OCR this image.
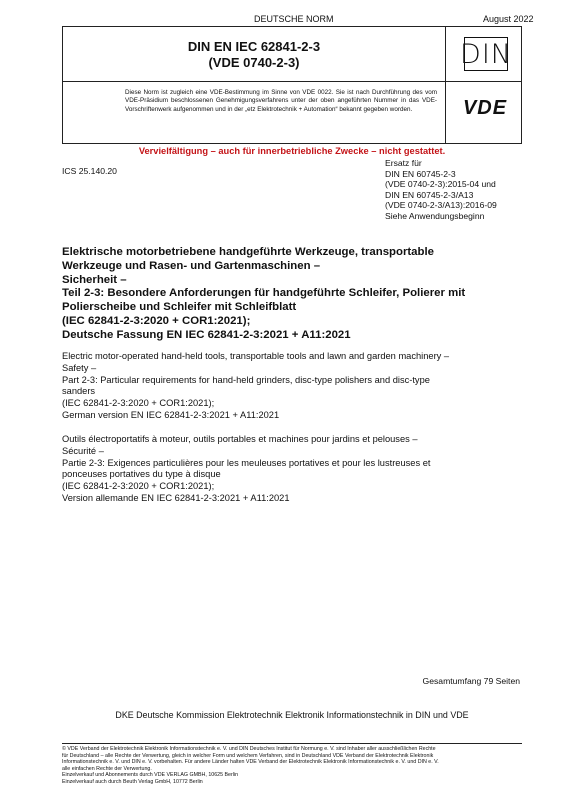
DEUTSCHE NORM	August 2022
DIN EN IEC 62841-2-3
(VDE 0740-2-3)	DIN
Diese Norm ist zugleich eine VDE-Bestimmung im Sinne von VDE 0022. Sie ist nach Durchführung des vom VDE-Präsidium beschlossenen Genehmigungsverfahrens unter der oben angeführten Nummer in das VDE-Vorschriftenwerk aufgenommen und in der „etz Elektrotechnik + Automation“ bekannt gegeben worden.	VDE
Vervielfältigung – auch für innerbetriebliche Zwecke – nicht gestattet.
ICS 25.140.20
Ersatz für
DIN EN 60745-2-3
(VDE 0740-2-3):2015-04 und
DIN EN 60745-2-3/A13
(VDE 0740-2-3/A13):2016-09
Siehe Anwendungsbeginn
Elektrische motorbetriebene handgeführte Werkzeuge, transportable
Werkzeuge und Rasen- und Gartenmaschinen –
Sicherheit –
Teil 2-3: Besondere Anforderungen für handgeführte Schleifer, Polierer mit
Polierscheibe und Schleifer mit Schleifblatt
(IEC 62841-2-3:2020 + COR1:2021);
Deutsche Fassung EN IEC 62841-2-3:2021 + A11:2021
Electric motor-operated hand-held tools, transportable tools and lawn and garden machinery –
Safety –
Part 2-3: Particular requirements for hand-held grinders, disc-type polishers and disc-type
sanders
(IEC 62841-2-3:2020 + COR1:2021);
German version EN IEC 62841-2-3:2021 + A11:2021
Outils électroportatifs à moteur, outils portables et machines pour jardins et pelouses –
Sécurité –
Partie 2-3: Exigences particulières pour les meuleuses portatives et pour les lustreuses et
ponceuses portatives du type à disque
(IEC 62841-2-3:2020 + COR1:2021);
Version allemande EN IEC 62841-2-3:2021 + A11:2021
Gesamtumfang 79 Seiten
DKE Deutsche Kommission Elektrotechnik Elektronik Informationstechnik in DIN und VDE
© VDE Verband der Elektrotechnik Elektronik Informationstechnik e. V. und DIN Deutsches Institut für Normung e. V. sind Inhaber aller ausschließlichen Rechte
für Deutschland – alle Rechte der Verwertung, gleich in welcher Form und welchem Verfahren, sind in Deutschland VDE Verband der Elektrotechnik Elektronik
Informationstechnik e. V. und DIN e. V. vorbehalten. Für andere Länder halten VDE Verband der Elektrotechnik Elektronik Informationstechnik e. V. und DIN e. V.
alle einfachen Rechte der Verwertung.
Einzelverkauf und Abonnements durch VDE VERLAG GMBH, 10625 Berlin
Einzelverkauf auch durch Beuth Verlag GmbH, 10772 Berlin
